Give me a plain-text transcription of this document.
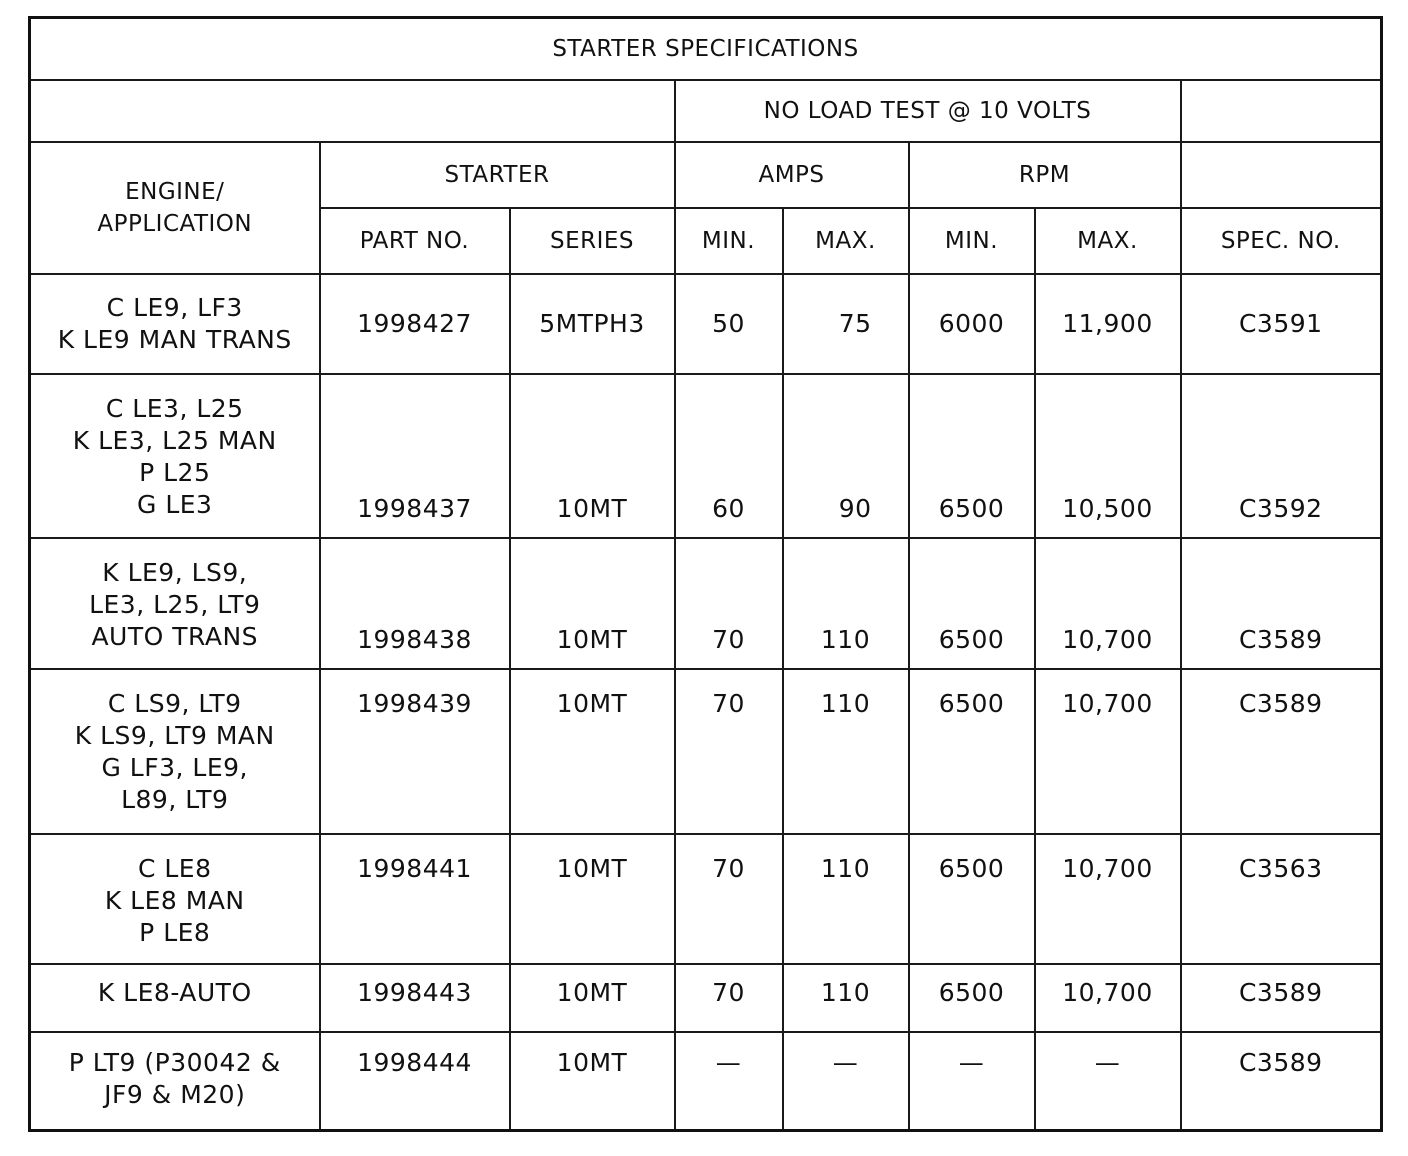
STARTER SPECIFICATIONS							
			NO LOAD TEST @ 10 VOLTS				
ENGINE/
APPLICATION	STARTER		AMPS		RPM		
	PART NO.	SERIES	MIN.	MAX.	MIN.	MAX.	SPEC. NO.
C LE9, LF3
K LE9 MAN TRANS	1998427	5MTPH3	50	75	6000	11,900	C3591
C LE3, L25
K LE3, L25 MAN
P L25
G LE3	1998437	10MT	60	90	6500	10,500	C3592
K LE9, LS9,
LE3, L25, LT9
AUTO TRANS	1998438	10MT	70	110	6500	10,700	C3589
C LS9, LT9
K LS9, LT9 MAN
G LF3, LE9,
L89, LT9	1998439	10MT	70	110	6500	10,700	C3589
C LE8
K LE8 MAN
P LE8	1998441	10MT	70	110	6500	10,700	C3563
K LE8-AUTO	1998443	10MT	70	110	6500	10,700	C3589
P LT9 (P30042 &
JF9 & M20)	1998444	10MT	—	—	—	—	C3589
